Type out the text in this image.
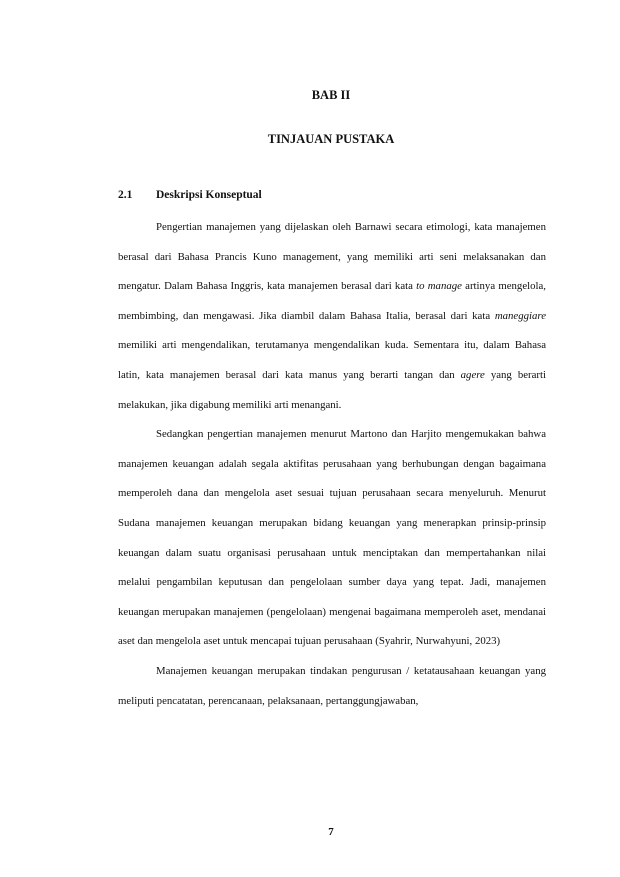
BAB II
TINJAUAN PUSTAKA
2.1 Deskripsi Konseptual

Pengertian manajemen yang dijelaskan oleh Barnawi secara etimologi, kata manajemen berasal dari Bahasa Prancis Kuno management, yang memiliki arti seni melaksanakan dan mengatur. Dalam Bahasa Inggris, kata manajemen berasal dari kata to manage artinya mengelola, membimbing, dan mengawasi. Jika diambil dalam Bahasa Italia, berasal dari kata maneggiare memiliki arti mengendalikan, terutamanya mengendalikan kuda. Sementara itu, dalam Bahasa latin, kata manajemen berasal dari kata manus yang berarti tangan dan agere yang berarti melakukan, jika digabung memiliki arti menangani.

Sedangkan pengertian manajemen menurut Martono dan Harjito mengemukakan bahwa manajemen keuangan adalah segala aktifitas perusahaan yang berhubungan dengan bagaimana memperoleh dana dan mengelola aset sesuai tujuan perusahaan secara menyeluruh. Menurut Sudana manajemen keuangan merupakan bidang keuangan yang menerapkan prinsip-prinsip keuangan dalam suatu organisasi perusahaan untuk menciptakan dan mempertahankan nilai melalui pengambilan keputusan dan pengelolaan sumber daya yang tepat. Jadi, manajemen keuangan merupakan manajemen (pengelolaan) mengenai bagaimana memperoleh aset, mendanai aset dan mengelola aset untuk mencapai tujuan perusahaan (Syahrir, Nurwahyuni, 2023)

Manajemen keuangan merupakan tindakan pengurusan / ketatausahaan keuangan yang meliputi pencatatan, perencanaan, pelaksanaan, pertanggungjawaban,

7
